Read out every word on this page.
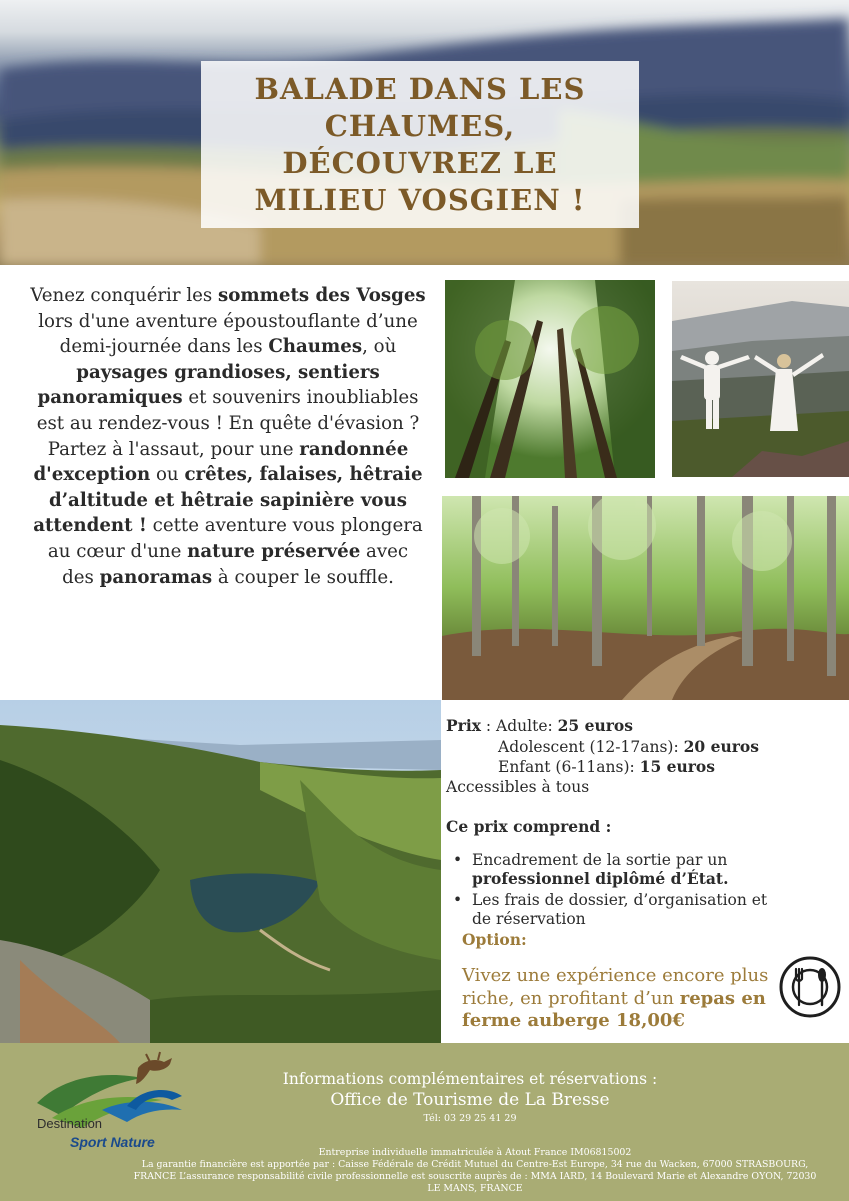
BALADE DANS LES
CHAUMES,
DÉCOUVREZ LE
MILIEU VOSGIEN !

Venez conquérir les sommets des Vosges lors d'une aventure époustouflante d’une demi-journée dans les Chaumes, où paysages grandioses, sentiers panoramiques et souvenirs inoubliables est au rendez-vous ! En quête d'évasion ? Partez à l'assaut, pour une randonnée d'exception ou crêtes, falaises, hêtraie d’altitude et hêtraie sapinière vous attendent ! cette aventure vous plongera au cœur d'une nature préservée avec des panoramas à couper le souffle.
Prix : Adulte: 25 euros
Adolescent (12-17ans): 20 euros
Enfant (6-11ans): 15 euros
Accessibles à tous
Ce prix comprend :
• Encadrement de la sortie par un professionnel diplômé d’État.
• Les frais de dossier, d’organisation et de réservation
Option:
Vivez une expérience encore plus riche, en profitant d’un repas en ferme auberge 18,00€
Destination
Sport Nature
Informations complémentaires et réservations :
Office de Tourisme de La Bresse
Tél: 03 29 25 41 29
Entreprise individuelle immatriculée à Atout France IM06815002
La garantie financière est apportée par : Caisse Fédérale de Crédit Mutuel du Centre-Est Europe, 34 rue du Wacken, 67000 STRASBOURG, FRANCE L’assurance responsabilité civile professionnelle est souscrite auprès de : MMA IARD, 14 Boulevard Marie et Alexandre OYON, 72030 LE MANS, FRANCE
